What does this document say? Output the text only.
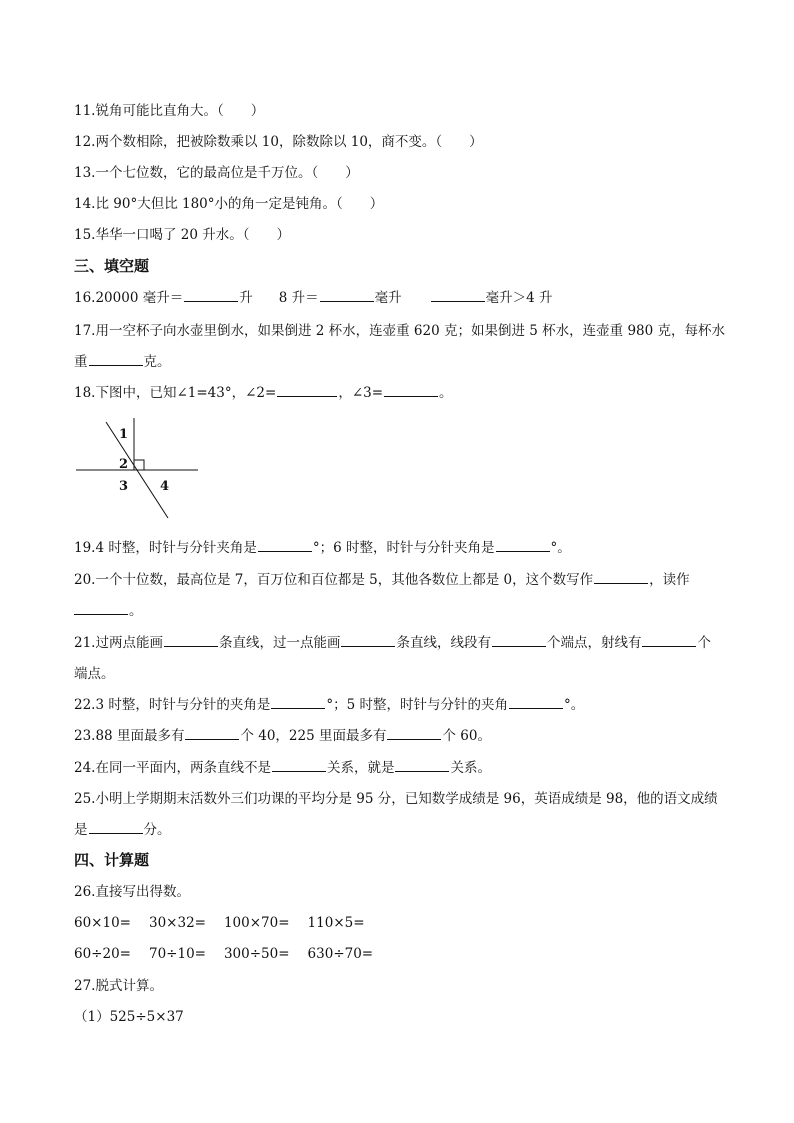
11.锐角可能比直角大。（　　）
12.两个数相除，把被除数乘以 10，除数除以 10，商不变。（　　）
13.一个七位数，它的最高位是千万位。（　　）
14.比 90°大但比 180°小的角一定是钝角。（　　）
15.华华一口喝了 20 升水。（　　）
三、填空题
16.20000 毫升＝	升 8 升＝	毫升	毫升＞4 升
17.用一空杯子向水壶里倒水，如果倒进 2 杯水，连壶重 620 克；如果倒进 5 杯水，连壶重 980 克，每杯水
重	克。
18.下图中，已知∠1=43°，∠2=	，∠3=	。
1
2
3 4
19.4 时整，时针与分针夹角是	°；6 时整，时针与分针夹角是	°。
20.一个十位数，最高位是 7，百万位和百位都是 5，其他各数位上都是 0，这个数写作	，读作
。
21.过两点能画	条直线，过一点能画	条直线，线段有	个端点，射线有	个
端点。
22.3 时整，时针与分针的夹角是	°；5 时整，时针与分针的夹角	°。
23.88 里面最多有	个 40，225 里面最多有	个 60。
24.在同一平面内，两条直线不是	关系，就是	关系。
25.小明上学期期末活数外三们功课的平均分是 95 分，已知数学成绩是 96，英语成绩是 98，他的语文成绩
是	分。
四、计算题
26.直接写出得数。
60×10= 30×32= 100×70= 110×5=
60÷20= 70÷10= 300÷50= 630÷70=
27.脱式计算。
（1）525÷5×37
